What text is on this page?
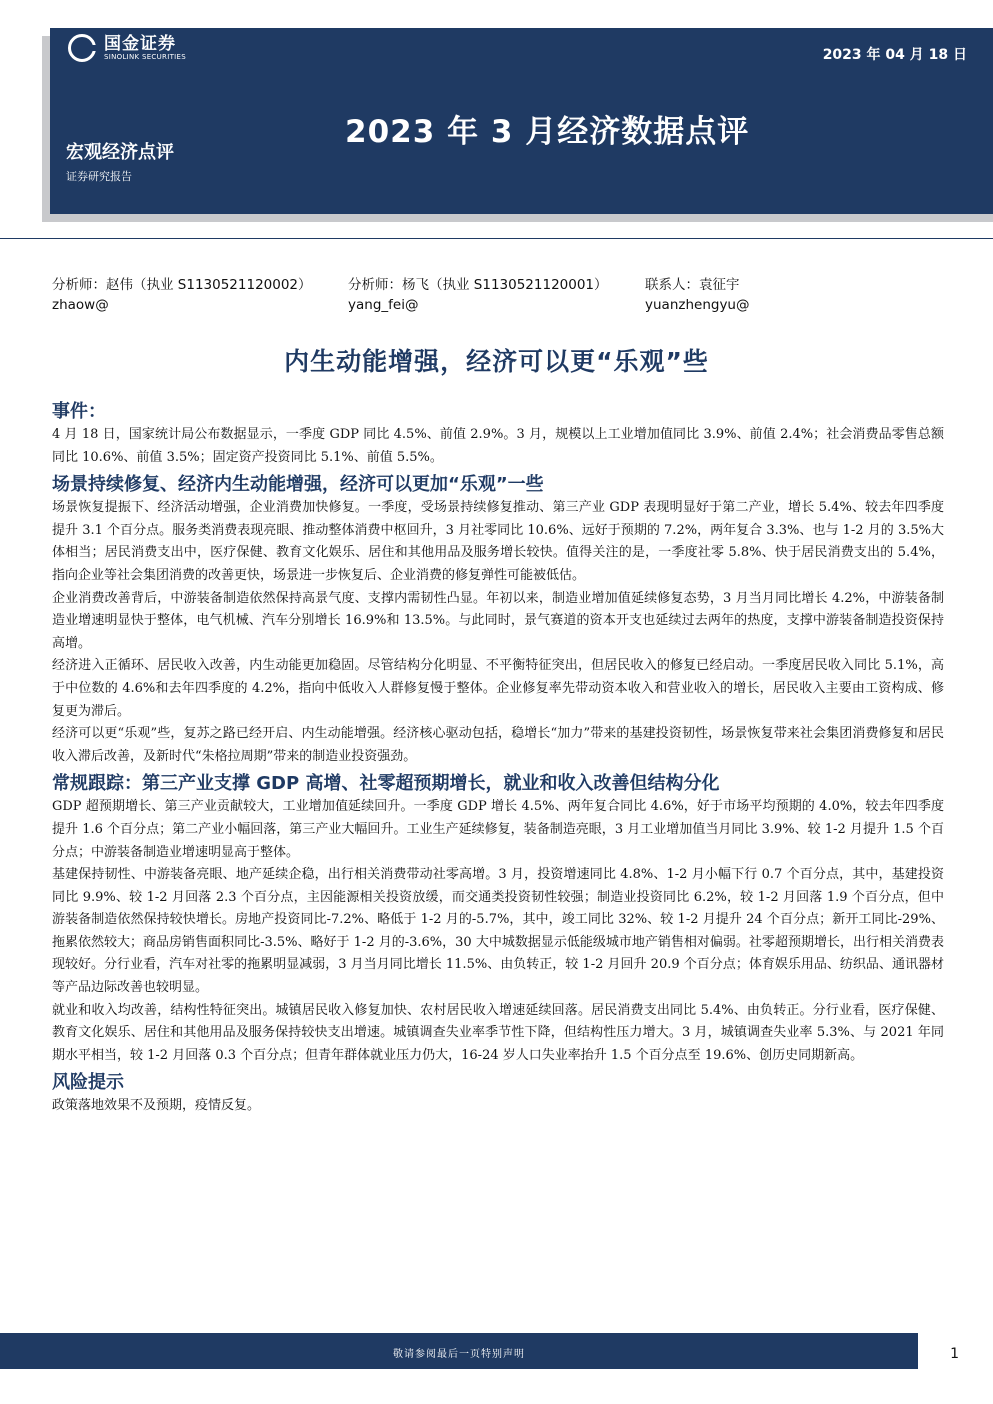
国金证券
SINOLINK SECURITIES	2023 年 04 月 18 日
2023 年 3 月经济数据点评
宏观经济点评
证券研究报告
分析师：赵伟（执业 S1130521120002）
zhaow@
分析师：杨飞（执业 S1130521120001）
yang_fei@
联系人：袁征宇
yuanzhengyu@
内生动能增强，经济可以更“乐观”些
事件：
4 月 18 日，国家统计局公布数据显示，一季度 GDP 同比 4.5%、前值 2.9%。3 月，规模以上工业增加值同比 3.9%、前值 2.4%；社会消费品零售总额同比 10.6%、前值 3.5%；固定资产投资同比 5.1%、前值 5.5%。
场景持续修复、经济内生动能增强，经济可以更加“乐观”一些
场景恢复提振下、经济活动增强，企业消费加快修复。一季度，受场景持续修复推动、第三产业 GDP 表现明显好于第二产业，增长 5.4%、较去年四季度提升 3.1 个百分点。服务类消费表现亮眼、推动整体消费中枢回升，3 月社零同比 10.6%、远好于预期的 7.2%，两年复合 3.3%、也与 1-2 月的 3.5%大体相当；居民消费支出中，医疗保健、教育文化娱乐、居住和其他用品及服务增长较快。值得关注的是，一季度社零 5.8%、快于居民消费支出的 5.4%，指向企业等社会集团消费的改善更快，场景进一步恢复后、企业消费的修复弹性可能被低估。
企业消费改善背后，中游装备制造依然保持高景气度、支撑内需韧性凸显。年初以来，制造业增加值延续修复态势，3 月当月同比增长 4.2%，中游装备制造业增速明显快于整体，电气机械、汽车分别增长 16.9%和 13.5%。与此同时，景气赛道的资本开支也延续过去两年的热度，支撑中游装备制造投资保持高增。
经济进入正循环、居民收入改善，内生动能更加稳固。尽管结构分化明显、不平衡特征突出，但居民收入的修复已经启动。一季度居民收入同比 5.1%，高于中位数的 4.6%和去年四季度的 4.2%，指向中低收入人群修复慢于整体。企业修复率先带动资本收入和营业收入的增长，居民收入主要由工资构成、修复更为滞后。
经济可以更“乐观”些，复苏之路已经开启、内生动能增强。经济核心驱动包括，稳增长“加力”带来的基建投资韧性，场景恢复带来社会集团消费修复和居民收入滞后改善，及新时代“朱格拉周期”带来的制造业投资强劲。
常规跟踪：第三产业支撑 GDP 高增、社零超预期增长，就业和收入改善但结构分化
GDP 超预期增长、第三产业贡献较大，工业增加值延续回升。一季度 GDP 增长 4.5%、两年复合同比 4.6%，好于市场平均预期的 4.0%，较去年四季度提升 1.6 个百分点；第二产业小幅回落，第三产业大幅回升。工业生产延续修复，装备制造亮眼，3 月工业增加值当月同比 3.9%、较 1-2 月提升 1.5 个百分点；中游装备制造业增速明显高于整体。
基建保持韧性、中游装备亮眼、地产延续企稳，出行相关消费带动社零高增。3 月，投资增速同比 4.8%、1-2 月小幅下行 0.7 个百分点，其中，基建投资同比 9.9%、较 1-2 月回落 2.3 个百分点，主因能源相关投资放缓，而交通类投资韧性较强；制造业投资同比 6.2%，较 1-2 月回落 1.9 个百分点，但中游装备制造依然保持较快增长。房地产投资同比-7.2%、略低于 1-2 月的-5.7%，其中，竣工同比 32%、较 1-2 月提升 24 个百分点；新开工同比-29%、拖累依然较大；商品房销售面积同比-3.5%、略好于 1-2 月的-3.6%，30 大中城数据显示低能级城市地产销售相对偏弱。社零超预期增长，出行相关消费表现较好。分行业看，汽车对社零的拖累明显减弱，3 月当月同比增长 11.5%、由负转正，较 1-2 月回升 20.9 个百分点；体育娱乐用品、纺织品、通讯器材等产品边际改善也较明显。
就业和收入均改善，结构性特征突出。城镇居民收入修复加快、农村居民收入增速延续回落。居民消费支出同比 5.4%、由负转正。分行业看，医疗保健、教育文化娱乐、居住和其他用品及服务保持较快支出增速。城镇调查失业率季节性下降，但结构性压力增大。3 月，城镇调查失业率 5.3%、与 2021 年同期水平相当，较 1-2 月回落 0.3 个百分点；但青年群体就业压力仍大，16-24 岁人口失业率抬升 1.5 个百分点至 19.6%、创历史同期新高。
风险提示
政策落地效果不及预期，疫情反复。
敬请参阅最后一页特别声明	1
